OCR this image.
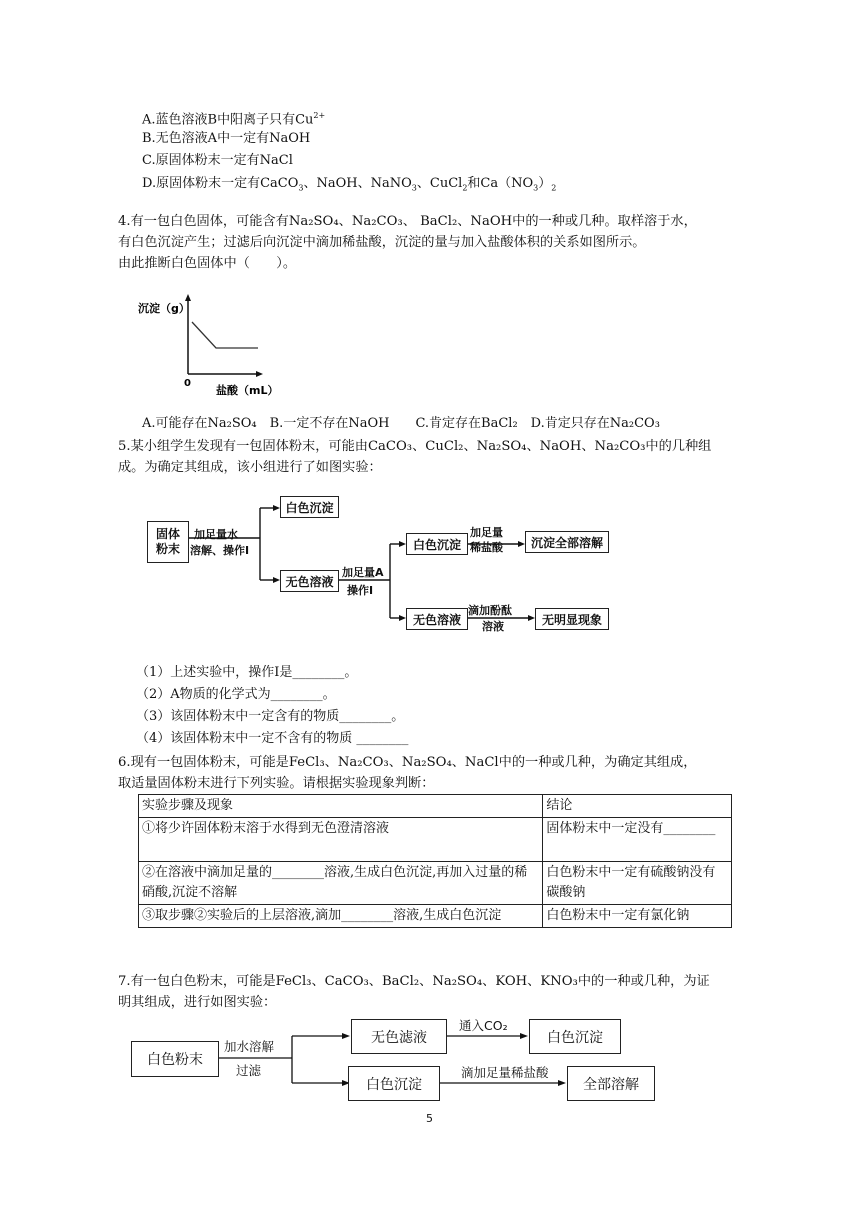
A.蓝色溶液B中阳离子只有$Cu^{2+}$
B.无色溶液A中一定有NaOH
C.原固体粉末一定有NaCl
D.原固体粉末一定有CaCO$_3$、NaOH、NaNO$_3$、CuCl$_2$和$Ca(NO_3)_2$
4.有一包白色固体，可能含有Na₂SO₄、Na₂CO₃、 BaCl₂、NaOH中的一种或几种。取样溶于水，
有白色沉淀产生；过滤后向沉淀中滴加稀盐酸，沉淀的量与加入盐酸体积的关系如图所示。
由此推断白色固体中（　　）。
沉淀（g）
0
盐酸（mL）
A.可能存在Na₂SO₄　B.一定不存在NaOH　　C.肯定存在BaCl₂　D.肯定只存在Na₂CO₃
5.某小组学生发现有一包固体粉末，可能由CaCO₃、CuCl₂、Na₂SO₄、NaOH、Na₂CO₃中的几种组
成。为确定其组成，该小组进行了如图实验：
固体
粉末
加足量水
溶解、操作Ⅰ
白色沉淀
无色溶液
加足量A
操作Ⅰ
白色沉淀
加足量
稀盐酸	沉淀全部溶解
无色溶液
滴加酚酞
溶液	无明显现象
（1）上述实验中，操作Ⅰ是________。
（2）A物质的化学式为________。
（3）该固体粉末中一定含有的物质________。
（4）该固体粉末中一定不含有的物质 ________
6.现有一包固体粉末，可能是FeCl₃、Na₂CO₃、Na₂SO₄、NaCl中的一种或几种，为确定其组成，
取适量固体粉末进行下列实验。请根据实验现象判断：
实验步骤及现象	结论
①将少许固体粉末溶于水得到无色澄清溶液	固体粉末中一定没有________
②在溶液中滴加足量的________溶液,生成白色沉淀,再加入过量的稀硝酸,沉淀不溶解	白色粉末中一定有硫酸钠没有碳酸钠
③取步骤②实验后的上层溶液,滴加________溶液,生成白色沉淀	白色粉末中一定有氯化钠
7.有一包白色粉末，可能是FeCl₃、CaCO₃、BaCl₂、Na₂SO₄、KOH、KNO₃中的一种或几种，为证
明其组成，进行如图实验：
白色粉末
加水溶解
过滤
无色滤液
通入CO₂
白色沉淀
白色沉淀
滴加足量稀盐酸
全部溶解
5
